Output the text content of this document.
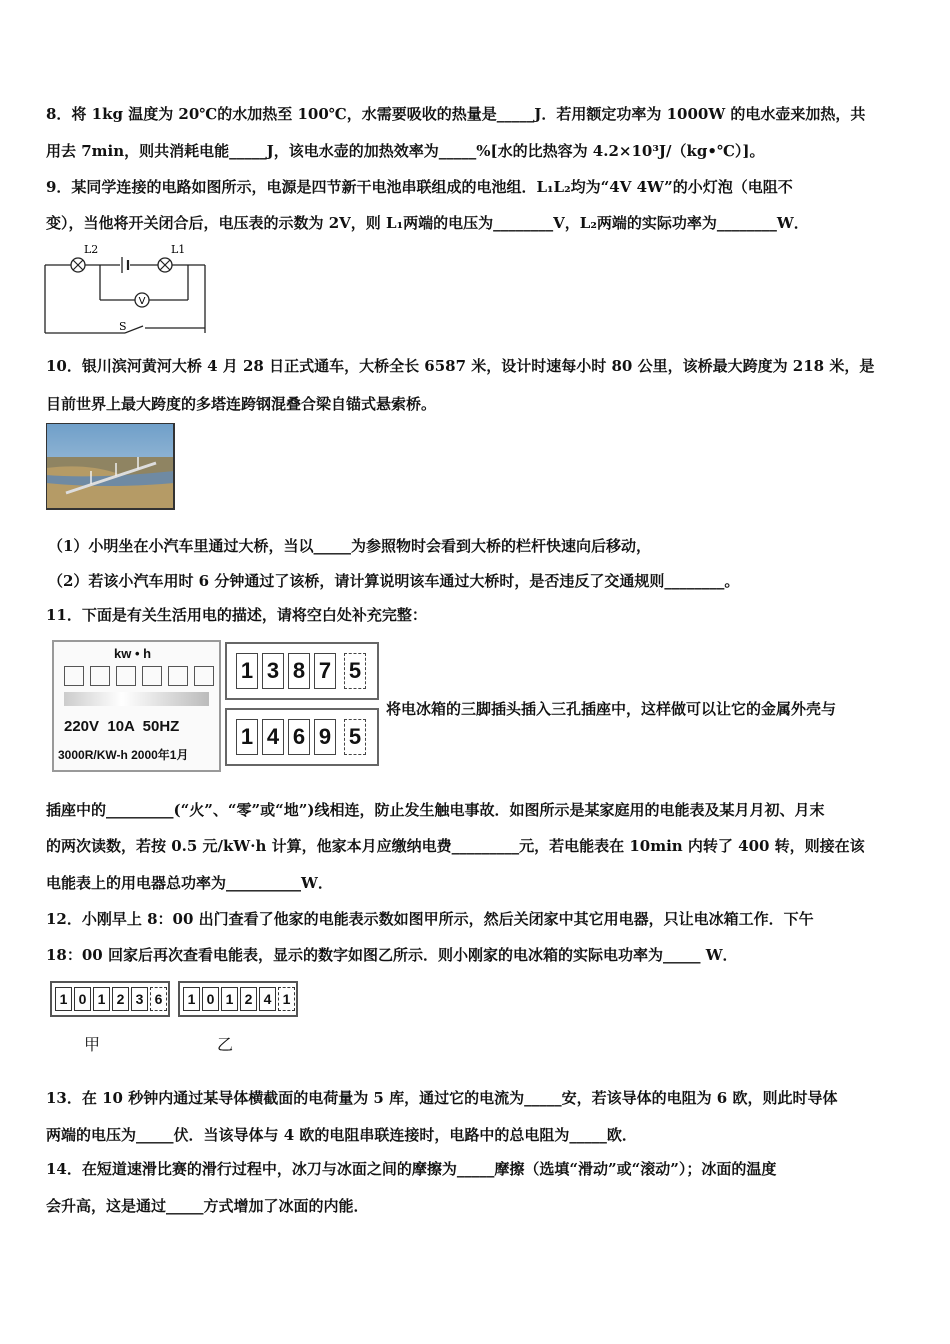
8．将 1kg 温度为 20℃的水加热至 100℃，水需要吸收的热量是_____J．若用额定功率为 1000W 的电水壶来加热，共
用去 7min，则共消耗电能_____J，该电水壶的加热效率为_____%[水的比热容为 4.2×10³J/（kg•℃）]。
9．某同学连接的电路如图所示，电源是四节新干电池串联组成的电池组．L₁L₂均为“4V 4W”的小灯泡（电阻不
变），当他将开关闭合后，电压表的示数为 2V，则 L₁两端的电压为________V，L₂两端的实际功率为________W．
V
L2	L1
S
10．银川滨河黄河大桥 4 月 28 日正式通车，大桥全长 6587 米，设计时速每小时 80 公里，该桥最大跨度为 218 米，是
目前世界上最大跨度的多塔连跨钢混叠合梁自锚式悬索桥。
（1）小明坐在小汽车里通过大桥，当以_____为参照物时会看到大桥的栏杆快速向后移动，
（2）若该小汽车用时 6 分钟通过了该桥，请计算说明该车通过大桥时，是否违反了交通规则________。
11．下面是有关生活用电的描述，请将空白处补充完整：
kw • h
220V  10A  50HZ
3000R/KW-h 2000年1月
1 3 8 7 5
1 4 6 9 5
将电冰箱的三脚插头插入三孔插座中，这样做可以让它的金属外壳与
插座中的_________(“火”、“零”或“地”)线相连，防止发生触电事故．如图所示是某家庭用的电能表及某月月初、月末
的两次读数，若按 0.5 元/kW·h 计算，他家本月应缴纳电费_________元，若电能表在 10min 内转了 400 转，则接在该
电能表上的用电器总功率为__________W．
12．小刚早上 8：00 出门查看了他家的电能表示数如图甲所示，然后关闭家中其它用电器，只让电冰箱工作．下午
18：00 回家后再次查看电能表，显示的数字如图乙所示．则小刚家的电冰箱的实际电功率为_____ W．
1 0 1 2 3 6	1 0 1 2 4 1
甲	乙
13．在 10 秒钟内通过某导体横截面的电荷量为 5 库，通过它的电流为_____安，若该导体的电阻为 6 欧，则此时导体
两端的电压为_____伏．当该导体与 4 欧的电阻串联连接时，电路中的总电阻为_____欧．
14．在短道速滑比赛的滑行过程中，冰刀与冰面之间的摩擦为_____摩擦（选填“滑动”或“滚动”）；冰面的温度
会升高，这是通过_____方式增加了冰面的内能．
